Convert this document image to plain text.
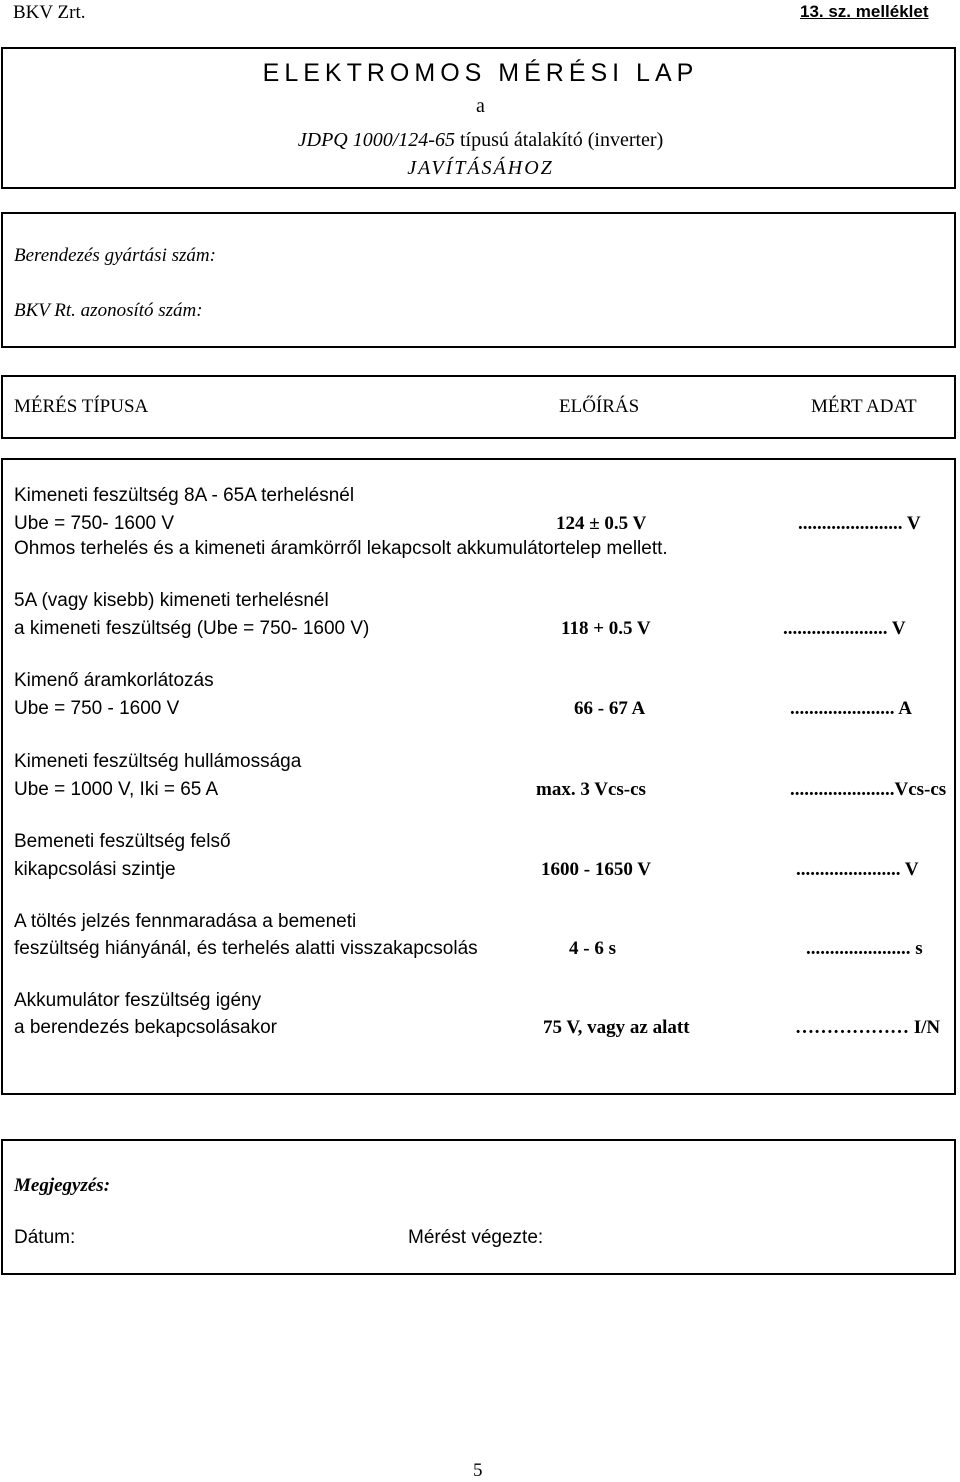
BKV Zrt.	13. sz. melléklet
ELEKTROMOS MÉRÉSI LAP
a
JDPQ 1000/124-65 típusú átalakító (inverter)
JAVÍTÁSÁHOZ
Berendezés gyártási szám:
BKV Rt. azonosító szám:
MÉRÉS TÍPUSA	ELŐÍRÁS	MÉRT ADAT
Kimeneti feszültség 8A - 65A terhelésnél
Ube = 750- 1600 V	124 ± 0.5 V	...................... V
Ohmos terhelés és a kimeneti áramkörről lekapcsolt akkumulátortelep mellett.
5A (vagy kisebb) kimeneti terhelésnél
a kimeneti feszültség (Ube = 750- 1600 V)	118 + 0.5 V	...................... V
Kimenő áramkorlátozás
Ube = 750 - 1600 V	66 - 67 A	...................... A
Kimeneti feszültség hullámossága
Ube = 1000 V, Iki = 65 A	max. 3 Vcs-cs	......................Vcs-cs
Bemeneti feszültség felső
kikapcsolási szintje	1600 - 1650 V	...................... V
A töltés jelzés fennmaradása a bemeneti
feszültség hiányánál, és terhelés alatti visszakapcsolás	4 - 6 s	...................... s
Akkumulátor feszültség igény
a berendezés bekapcsolásakor	75 V, vagy az alatt	……………… I/N
Megjegyzés:
Dátum:	Mérést végezte:
5
